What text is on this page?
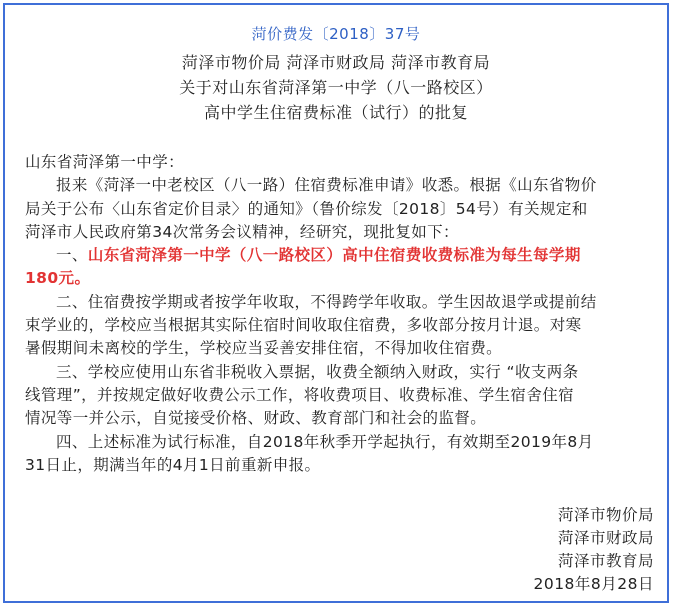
菏价费发〔2018〕37号
菏泽市物价局 菏泽市财政局 菏泽市教育局
关于对山东省菏泽第一中学（八一路校区）
高中学生住宿费标准（试行）的批复
山东省菏泽第一中学：
报来《菏泽一中老校区（八一路）住宿费标准申请》收悉。根据《山东省物价
局关于公布〈山东省定价目录〉的通知》（鲁价综发〔2018〕54号）有关规定和
菏泽市人民政府第34次常务会议精神，经研究，现批复如下：
一、山东省菏泽第一中学（八一路校区）高中住宿费收费标准为每生每学期
180元。
二、住宿费按学期或者按学年收取，不得跨学年收取。学生因故退学或提前结
束学业的，学校应当根据其实际住宿时间收取住宿费，多收部分按月计退。对寒
暑假期间未离校的学生，学校应当妥善安排住宿，不得加收住宿费。
三、学校应使用山东省非税收入票据，收费全额纳入财政，实行 “收支两条
线管理”，并按规定做好收费公示工作，将收费项目、收费标准、学生宿舍住宿
情况等一并公示，自觉接受价格、财政、教育部门和社会的监督。
四、上述标准为试行标准，自2018年秋季开学起执行，有效期至2019年8月
31日止，期满当年的4月1日前重新申报。
菏泽市物价局
菏泽市财政局
菏泽市教育局
2018年8月28日
